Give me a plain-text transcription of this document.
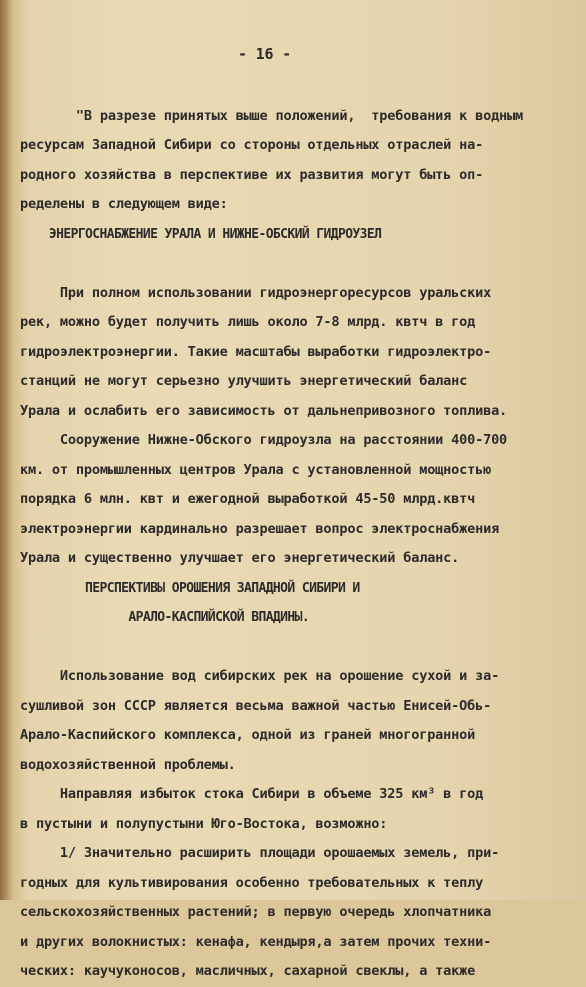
- 16 -

"В разрезе принятых выше положений,  требования к водным
ресурсам Западной Сибири со стороны отдельных отраслей на-
родного хозяйства в перспективе их развития могут быть оп-
ределены в следующем виде:
ЭНЕРГОСНАБЖЕНИЕ УРАЛА И НИЖНЕ-ОБСКИЙ ГИДРОУЗЕЛ
При полном использовании гидроэнергоресурсов уральских
рек, можно будет получить лишь около 7-8 млрд. квтч в год
гидроэлектроэнергии. Такие масштабы выработки гидроэлектро-
станций не могут серьезно улучшить энергетический баланс
Урала и ослабить его зависимость от дальнепривозного топлива.
Сооружение Нижне-Обского гидроузла на расстоянии 400-700
км. от промышленных центров Урала с установленной мощностью
порядка 6 млн. квт и ежегодной выработкой 45-50 млрд.квтч
электроэнергии кардинально разрешает вопрос электроснабжения
Урала и существенно улучшает его энергетический баланс.
ПЕРСПЕКТИВЫ ОРОШЕНИЯ ЗАПАДНОЙ СИБИРИ И
АРАЛО-КАСПИЙСКОЙ ВПАДИНЫ.
Использование вод сибирских рек на орошение сухой и за-
сушливой зон СССР является весьма важной частью Енисей-Обь-
Арало-Каспийского комплекса, одной из граней многогранной
водохозяйственной проблемы.
Направляя избыток стока Сибири в объеме 325 км³ в год
в пустыни и полупустыни Юго-Востока, возможно:
1/ Значительно расширить площади орошаемых земель, при-
годных для культивирования особенно требовательных к теплу
сельскохозяйственных растений; в первую очередь хлопчатника
и других волокнистых: кенафа, кендыря,а затем прочих техни-
ческих: каучуконосов, масличных, сахарной свеклы, а также
